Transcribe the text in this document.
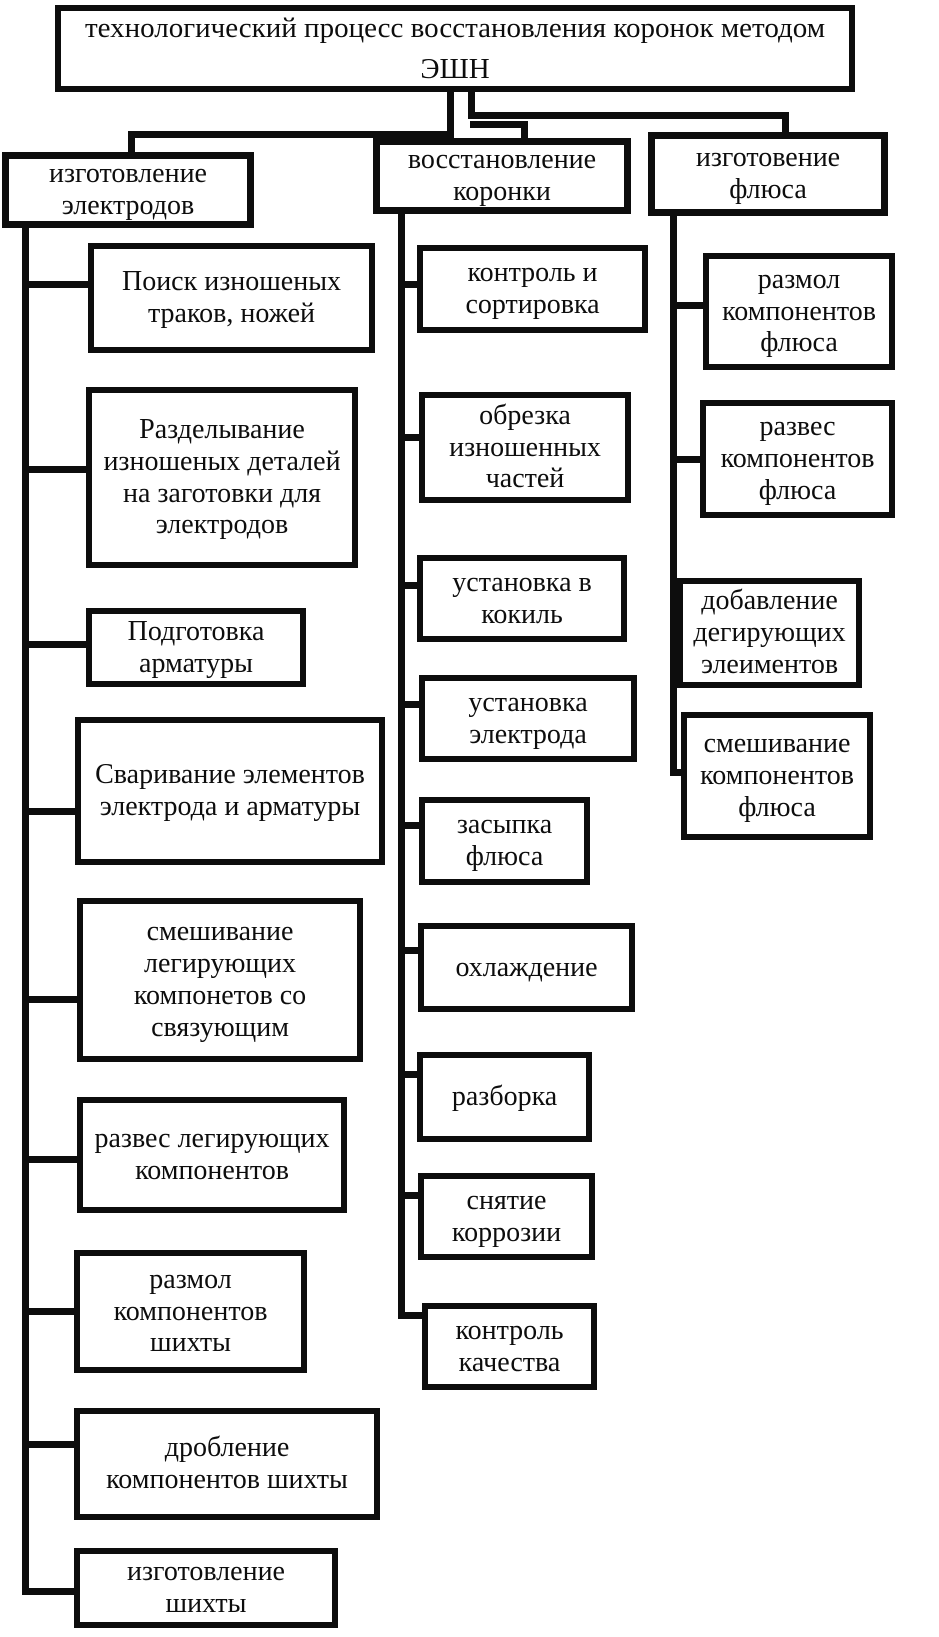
технологический процесс восстановления коронок методом ЭШН
изготовление электродов
восстановление коронки
изготовение флюса
Поиск изношеных траков, ножей
Разделывание изношеных деталей на заготовки для электродов
Подготовка арматуры
Сваривание элементов электрода и арматуры
смешивание легирующих компонетов со связующим
развес легирующих компонентов
размол компонентов шихты
дробление компонентов шихты
изготовление шихты
контроль и сортировка
обрезка изношенных частей
установка в кокиль
установка электрода
засыпка флюса
охлаждение
разборка
снятие коррозии
контроль качества
размол компонентов флюса
развес компонентов флюса
добавление дегирующих элеиментов
смешивание компонентов флюса
